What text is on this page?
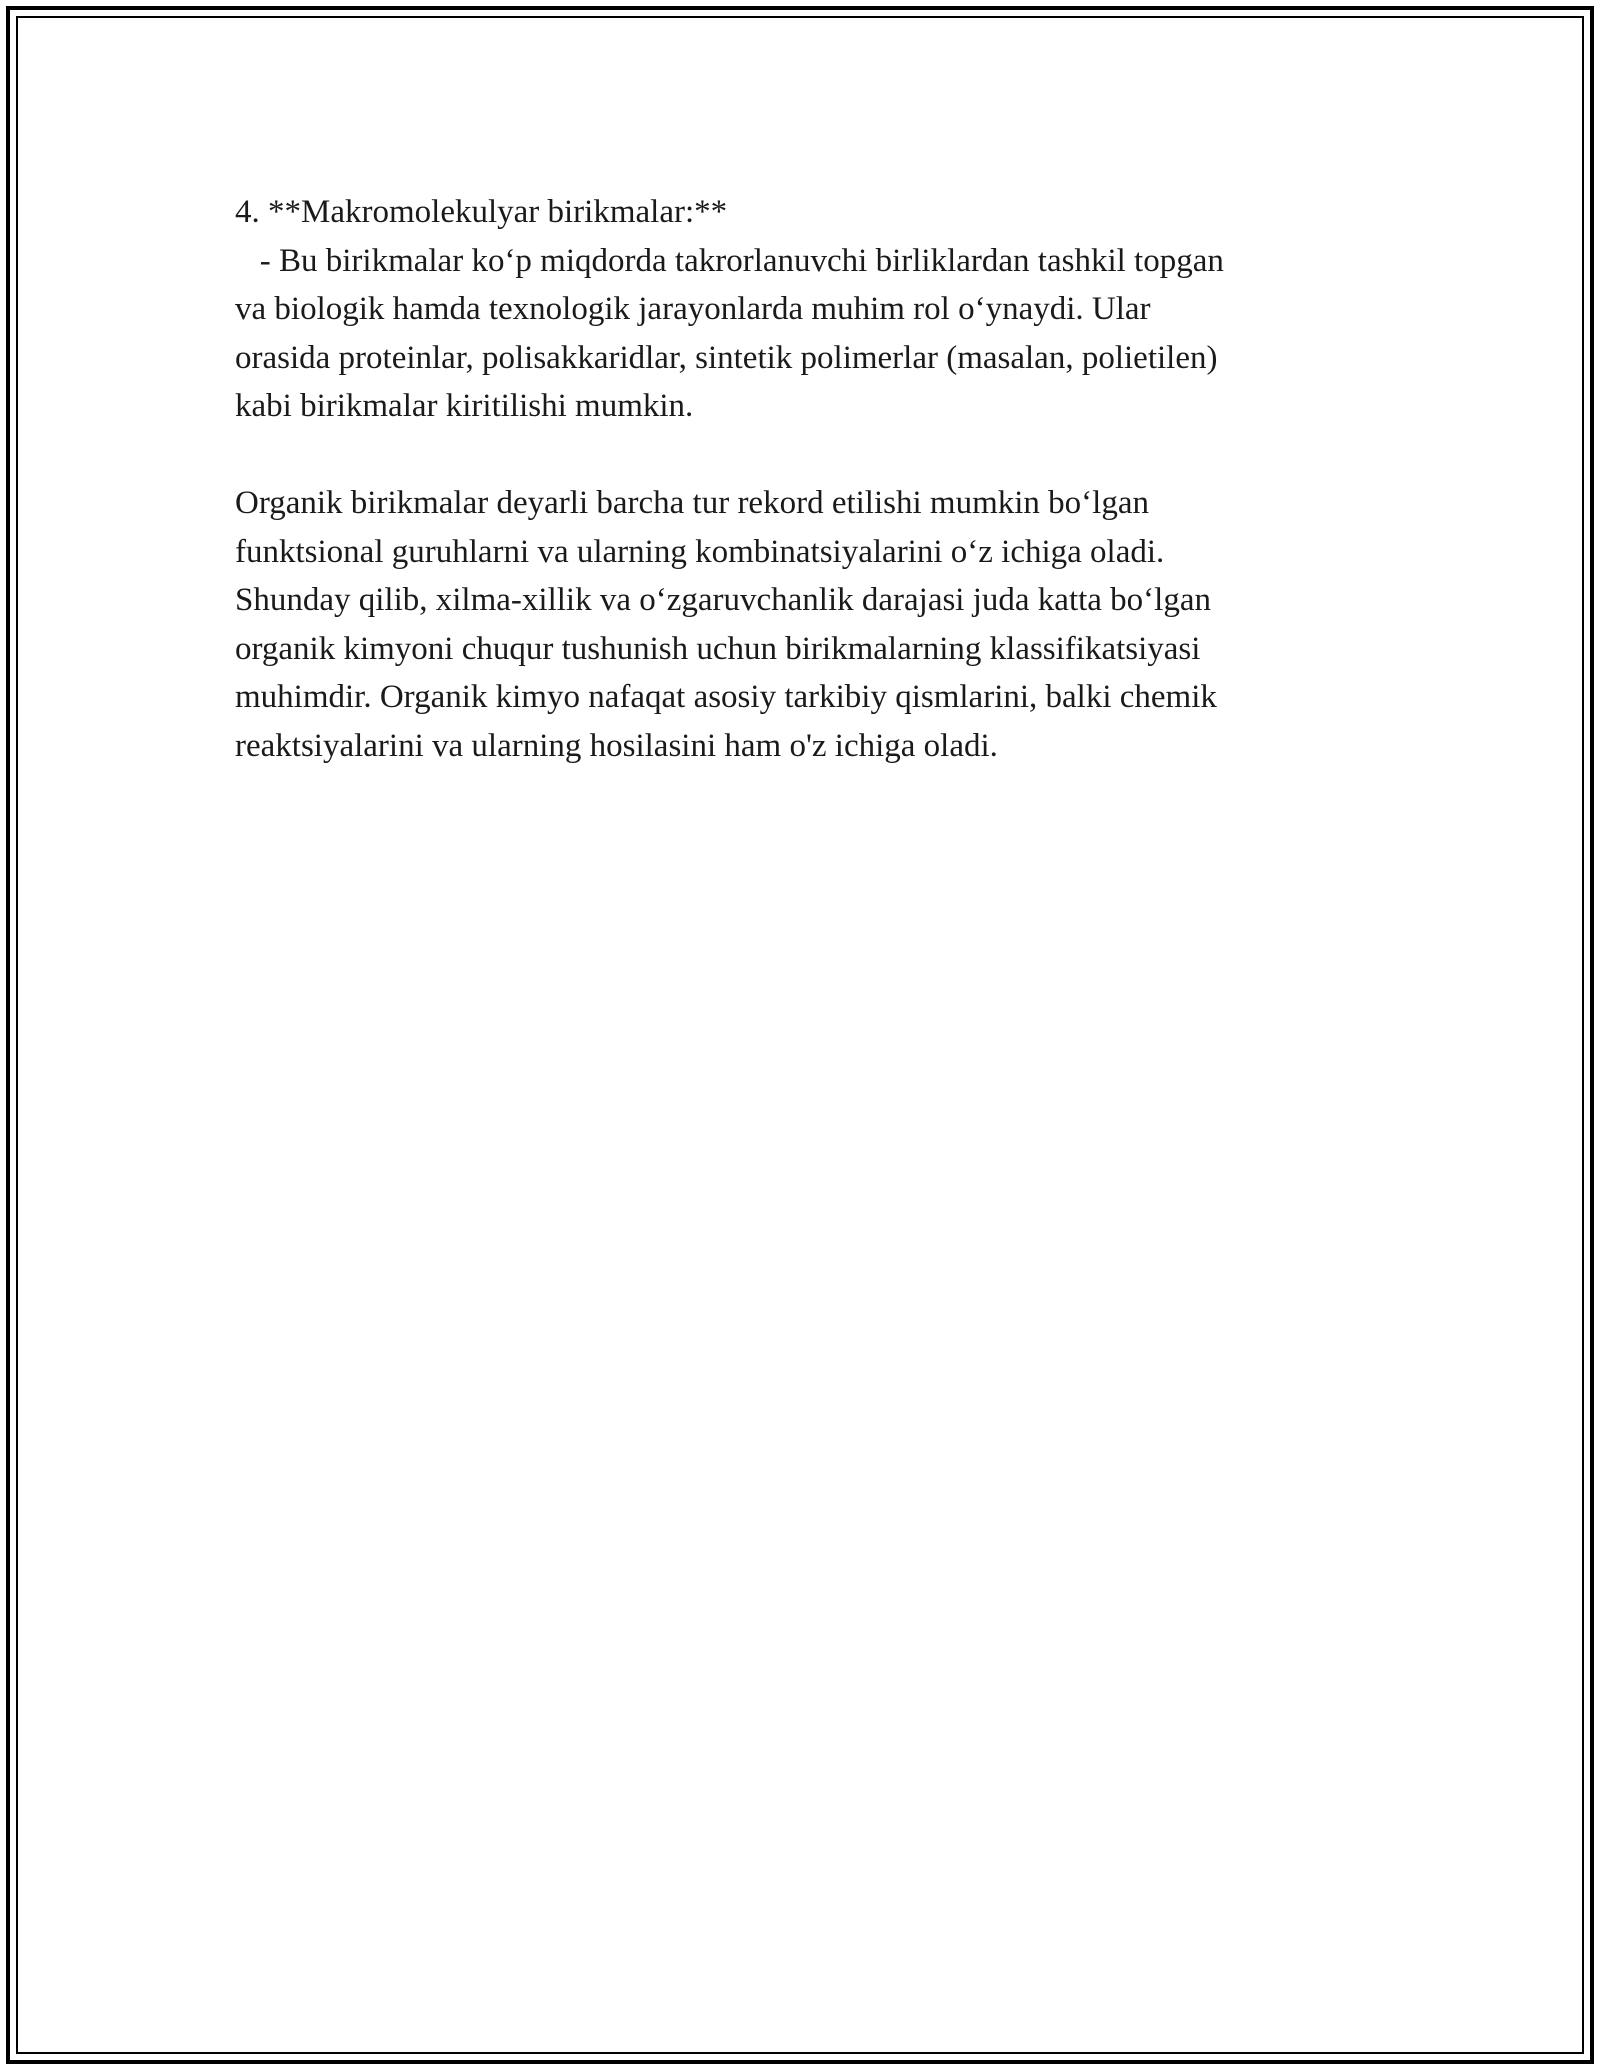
4. **Makromolekulyar birikmalar:**
- Bu birikmalar ko‘p miqdorda takrorlanuvchi birliklardan tashkil topgan
va biologik hamda texnologik jarayonlarda muhim rol o‘ynaydi. Ular
orasida proteinlar, polisakkaridlar, sintetik polimerlar (masalan, polietilen)
kabi birikmalar kiritilishi mumkin.
Organik birikmalar deyarli barcha tur rekord etilishi mumkin bo‘lgan
funktsional guruhlarni va ularning kombinatsiyalarini o‘z ichiga oladi.
Shunday qilib, xilma-xillik va o‘zgaruvchanlik darajasi juda katta bo‘lgan
organik kimyoni chuqur tushunish uchun birikmalarning klassifikatsiyasi
muhimdir. Organik kimyo nafaqat asosiy tarkibiy qismlarini, balki chemik
reaktsiyalarini va ularning hosilasini ham o'z ichiga oladi.
